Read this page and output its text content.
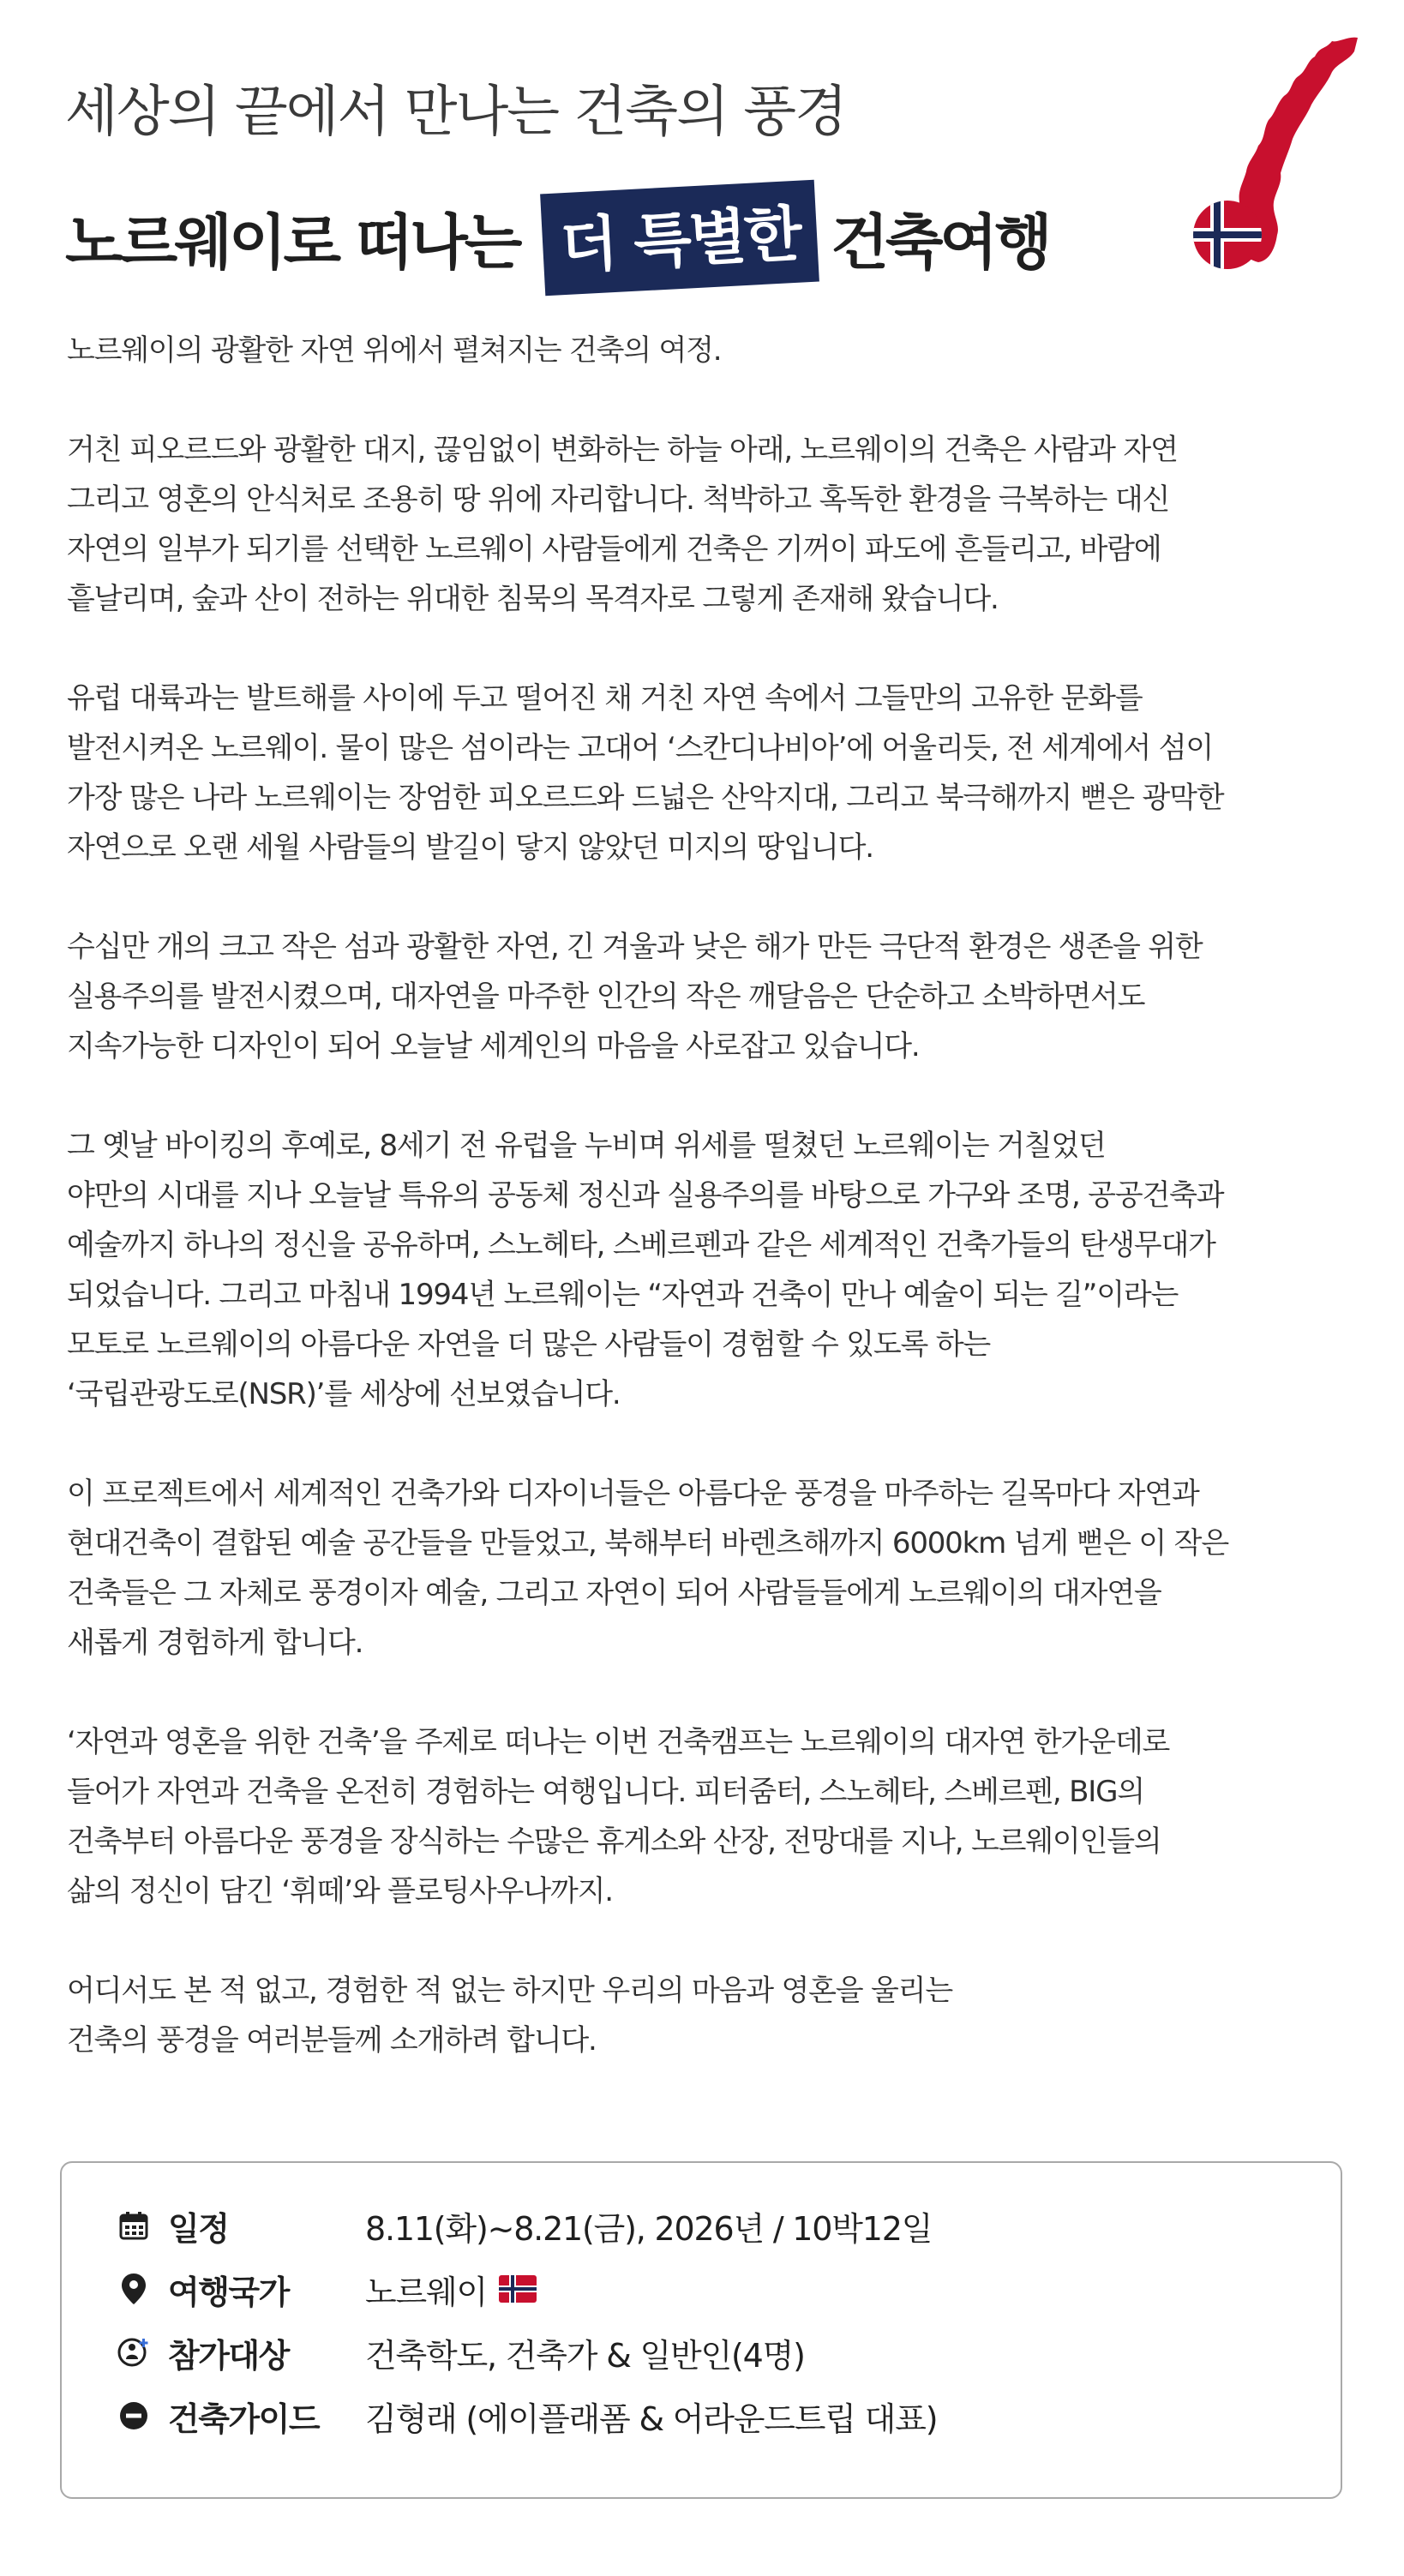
세상의 끝에서 만나는 건축의 풍경
노르웨이로 떠나는 더 특별한 건축여행

노르웨이의 광활한 자연 위에서 펼쳐지는 건축의 여정.

거친 피오르드와 광활한 대지, 끊임없이 변화하는 하늘 아래, 노르웨이의 건축은 사람과 자연

그리고 영혼의 안식처로 조용히 땅 위에 자리합니다. 척박하고 혹독한 환경을 극복하는 대신

자연의 일부가 되기를 선택한 노르웨이 사람들에게 건축은 기꺼이 파도에 흔들리고, 바람에

흩날리며, 숲과 산이 전하는 위대한 침묵의 목격자로 그렇게 존재해 왔습니다.

유럽 대륙과는 발트해를 사이에 두고 떨어진 채 거친 자연 속에서 그들만의 고유한 문화를

발전시켜온 노르웨이. 물이 많은 섬이라는 고대어 ‘스칸디나비아’에 어울리듯, 전 세계에서 섬이

가장 많은 나라 노르웨이는 장엄한 피오르드와 드넓은 산악지대, 그리고 북극해까지 뻗은 광막한

자연으로 오랜 세월 사람들의 발길이 닿지 않았던 미지의 땅입니다.

수십만 개의 크고 작은 섬과 광활한 자연, 긴 겨울과 낮은 해가 만든 극단적 환경은 생존을 위한

실용주의를 발전시켰으며, 대자연을 마주한 인간의 작은 깨달음은 단순하고 소박하면서도

지속가능한 디자인이 되어 오늘날 세계인의 마음을 사로잡고 있습니다.

그 옛날 바이킹의 후예로, 8세기 전 유럽을 누비며 위세를 떨쳤던 노르웨이는 거칠었던

야만의 시대를 지나 오늘날 특유의 공동체 정신과 실용주의를 바탕으로 가구와 조명, 공공건축과

예술까지 하나의 정신을 공유하며, 스노헤타, 스베르펜과 같은 세계적인 건축가들의 탄생무대가

되었습니다. 그리고 마침내 1994년 노르웨이는 “자연과 건축이 만나 예술이 되는 길”이라는

모토로 노르웨이의 아름다운 자연을 더 많은 사람들이 경험할 수 있도록 하는

‘국립관광도로(NSR)’를 세상에 선보였습니다.

이 프로젝트에서 세계적인 건축가와 디자이너들은 아름다운 풍경을 마주하는 길목마다 자연과

현대건축이 결합된 예술 공간들을 만들었고, 북해부터 바렌츠해까지 6000km 넘게 뻗은 이 작은

건축들은 그 자체로 풍경이자 예술, 그리고 자연이 되어 사람들들에게 노르웨이의 대자연을

새롭게 경험하게 합니다.

‘자연과 영혼을 위한 건축’을 주제로 떠나는 이번 건축캠프는 노르웨이의 대자연 한가운데로

들어가 자연과 건축을 온전히 경험하는 여행입니다. 피터줌터, 스노헤타, 스베르펜, BIG의

건축부터 아름다운 풍경을 장식하는 수많은 휴게소와 산장, 전망대를 지나, 노르웨이인들의

삶의 정신이 담긴 ‘휘떼’와 플로팅사우나까지.

어디서도 본 적 없고, 경험한 적 없는 하지만 우리의 마음과 영혼을 울리는

건축의 풍경을 여러분들께 소개하려 합니다.

일정	8.11(화)~8.21(금), 2026년 / 10박12일
여행국가	노르웨이
참가대상	건축학도, 건축가 & 일반인(4명)
건축가이드	김형래 (에이플래폼 & 어라운드트립 대표)
